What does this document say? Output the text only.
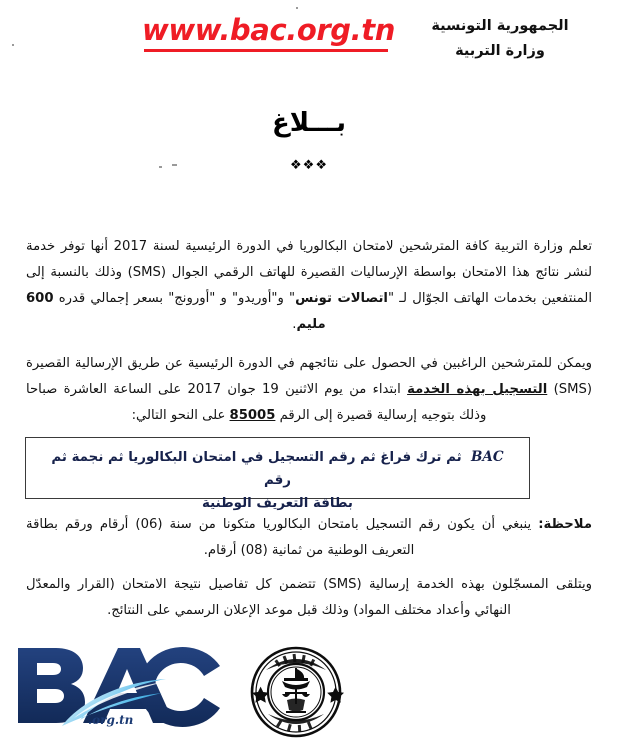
www.bac.org.tn	الجمهورية التونسية
وزارة التربية
بـــلاغ
❖❖❖

تعلم وزارة التربية كافة المترشحين لامتحان البكالوريا في الدورة الرئيسية لسنة 2017 أنها توفر خدمة لنشر نتائج هذا الامتحان بواسطة الإرساليات القصيرة للهاتف الرقمي الجوال (SMS) وذلك بالنسبة إلى المنتفعين بخدمات الهاتف الجوّال لـ "اتصالات تونس" و"أوريدو" و "أورونج" بسعر إجمالي قدره 600 مليم.

ويمكن للمترشحين الراغبين في الحصول على نتائجهم في الدورة الرئيسية عن طريق الإرسالية القصيرة (SMS) التسجيل بهذه الخدمة ابتداء من يوم الاثنين 19 جوان 2017 على الساعة العاشرة صباحا وذلك بتوجيه إرسالية قصيرة إلى الرقم 85005 على النحو التالي:

BAC  ثم ترك فراغ ثم رقم التسجيل في امتحان البكالوريا ثم نجمة ثم رقم
بطاقة التعريف الوطنية

ملاحظة: ينبغي أن يكون رقم التسجيل بامتحان البكالوريا متكونا من سنة (06) أرقام ورقم بطاقة التعريف الوطنية من ثمانية (08) أرقام.

ويتلقى المسجّلون بهذه الخدمة إرسالية (SMS) تتضمن كل تفاصيل نتيجة الامتحان (القرار والمعدّل النهائي وأعداد مختلف المواد) وذلك قبل موعد الإعلان الرسمي على النتائج.

.org.tn
